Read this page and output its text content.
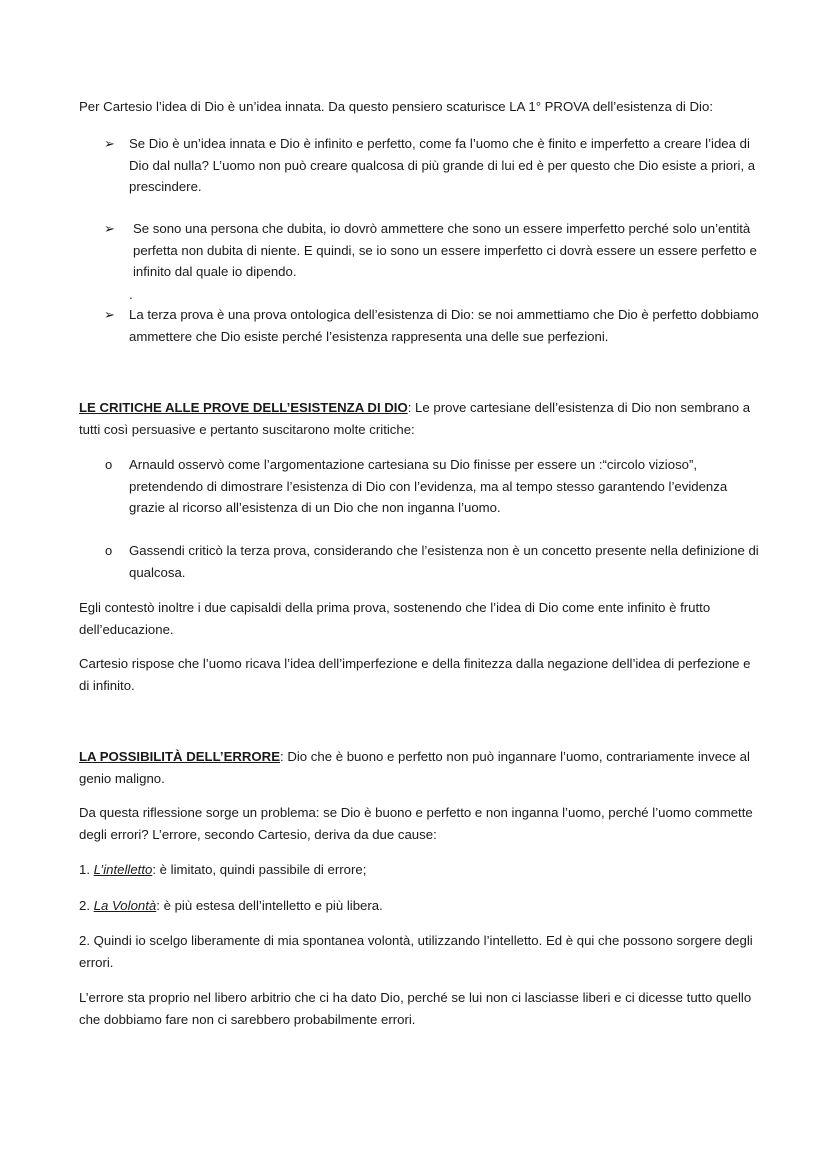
Per Cartesio l’idea di Dio è un’idea innata. Da questo pensiero scaturisce LA 1° PROVA dell’esistenza di Dio:

➢ Se Dio è un’idea innata e Dio è infinito e perfetto, come fa l’uomo che è finito e imperfetto a creare l’idea di Dio dal nulla? L’uomo non può creare qualcosa di più grande di lui ed è per questo che Dio esiste a priori, a prescindere.
➢ Se sono una persona che dubita, io dovrò ammettere che sono un essere imperfetto perché solo un’entità perfetta non dubita di niente. E quindi, se io sono un essere imperfetto ci dovrà essere un essere perfetto e infinito dal quale io dipendo.
.
➢ La terza prova è una prova ontologica dell’esistenza di Dio: se noi ammettiamo che Dio è perfetto dobbiamo ammettere che Dio esiste perché l’esistenza rappresenta una delle sue perfezioni.

LE CRITICHE ALLE PROVE DELL’ESISTENZA DI DIO: Le prove cartesiane dell’esistenza di Dio non sembrano a tutti così persuasive e pertanto suscitarono molte critiche:

o Arnauld osservò come l’argomentazione cartesiana su Dio finisse per essere un :“circolo vizioso”, pretendendo di dimostrare l’esistenza di Dio con l’evidenza, ma al tempo stesso garantendo l’evidenza grazie al ricorso all’esistenza di un Dio che non inganna l’uomo.
o Gassendi criticò la terza prova, considerando che l’esistenza non è un concetto presente nella definizione di qualcosa.

Egli contestò inoltre i due capisaldi della prima prova, sostenendo che l’idea di Dio come ente infinito è frutto dell’educazione.

Cartesio rispose che l’uomo ricava l’idea dell’imperfezione e della finitezza dalla negazione dell’idea di perfezione e di infinito.

LA POSSIBILITÀ DELL’ERRORE: Dio che è buono e perfetto non può ingannare l’uomo, contrariamente invece al genio maligno.

Da questa riflessione sorge un problema: se Dio è buono e perfetto e non inganna l’uomo, perché l’uomo commette degli errori? L’errore, secondo Cartesio, deriva da due cause:

1. L’intelletto: è limitato, quindi passibile di errore;

2. La Volontà: è più estesa dell’intelletto e più libera.

2. Quindi io scelgo liberamente di mia spontanea volontà, utilizzando l’intelletto. Ed è qui che possono sorgere degli errori.

L’errore sta proprio nel libero arbitrio che ci ha dato Dio, perché se lui non ci lasciasse liberi e ci dicesse tutto quello che dobbiamo fare non ci sarebbero probabilmente errori.
